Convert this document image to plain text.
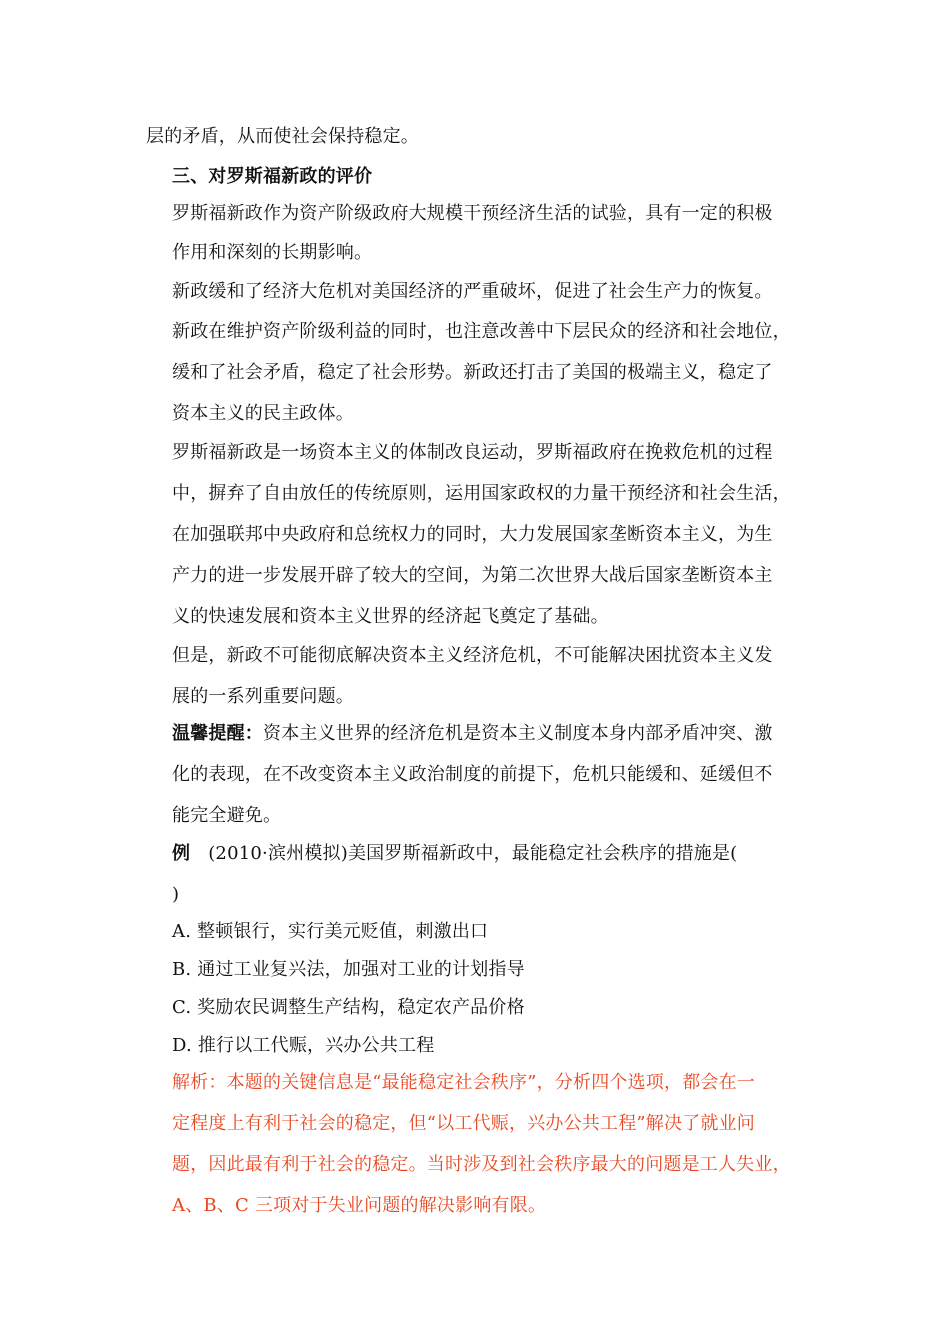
层的矛盾，从而使社会保持稳定。
三、对罗斯福新政的评价
罗斯福新政作为资产阶级政府大规模干预经济生活的试验，具有一定的积极
作用和深刻的长期影响。
新政缓和了经济大危机对美国经济的严重破坏，促进了社会生产力的恢复。
新政在维护资产阶级利益的同时，也注意改善中下层民众的经济和社会地位，
缓和了社会矛盾，稳定了社会形势。新政还打击了美国的极端主义，稳定了
资本主义的民主政体。
罗斯福新政是一场资本主义的体制改良运动，罗斯福政府在挽救危机的过程
中，摒弃了自由放任的传统原则，运用国家政权的力量干预经济和社会生活，
在加强联邦中央政府和总统权力的同时，大力发展国家垄断资本主义，为生
产力的进一步发展开辟了较大的空间，为第二次世界大战后国家垄断资本主
义的快速发展和资本主义世界的经济起飞奠定了基础。
但是，新政不可能彻底解决资本主义经济危机，不可能解决困扰资本主义发
展的一系列重要问题。
温馨提醒：资本主义世界的经济危机是资本主义制度本身内部矛盾冲突、激
化的表现，在不改变资本主义政治制度的前提下，危机只能缓和、延缓但不
能完全避免。
例 (2010·滨州模拟)美国罗斯福新政中，最能稳定社会秩序的措施是(
)
A. 整顿银行，实行美元贬值，刺激出口
B. 通过工业复兴法，加强对工业的计划指导
C. 奖励农民调整生产结构，稳定农产品价格
D. 推行以工代赈，兴办公共工程
解析：本题的关键信息是“最能稳定社会秩序”，分析四个选项，都会在一
定程度上有利于社会的稳定，但“以工代赈，兴办公共工程”解决了就业问
题，因此最有利于社会的稳定。当时涉及到社会秩序最大的问题是工人失业，
A、B、C 三项对于失业问题的解决影响有限。
